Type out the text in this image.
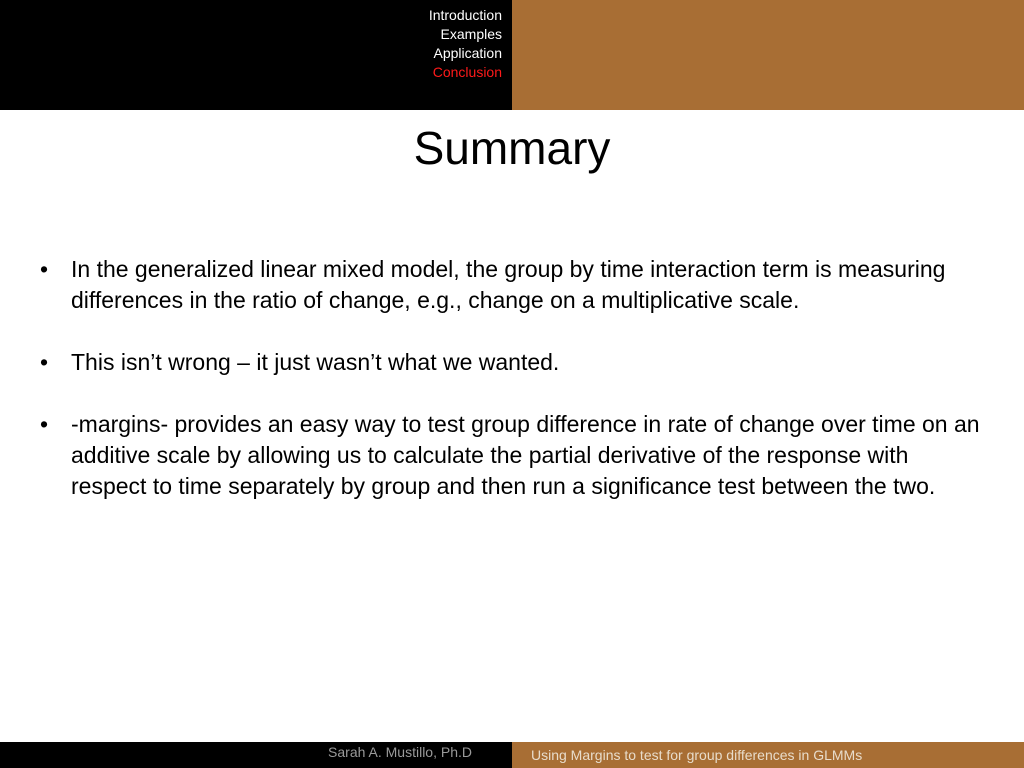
Introduction
Examples
Application
Conclusion
Summary
• In the generalized linear mixed model, the group by time interaction term is measuring differences in the ratio of change, e.g., change on a multiplicative scale.
• This isn’t wrong – it just wasn’t what we wanted.
• -margins- provides an easy way to test group difference in rate of change over time on an additive scale by allowing us to calculate the partial derivative of the response with respect to time separately by group and then run a significance test between the two.
Sarah A. Mustillo, Ph.D	Using Margins to test for group differences in GLMMs
